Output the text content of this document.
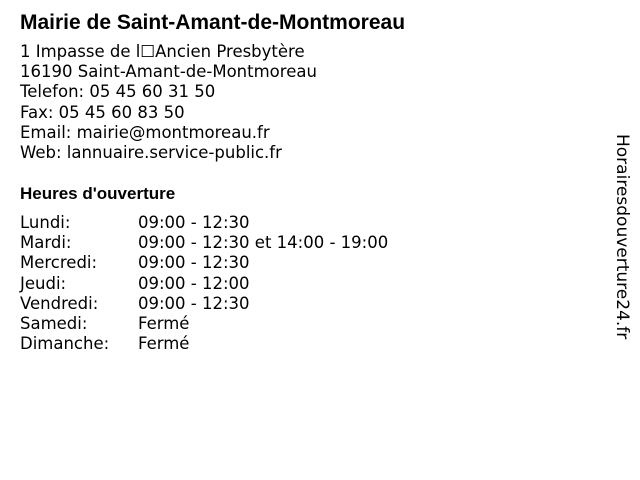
Mairie de Saint-Amant-de-Montmoreau
1 Impasse de l☐Ancien Presbytère
16190 Saint-Amant-de-Montmoreau
Telefon: 05 45 60 31 50
Fax: 05 45 60 83 50
Email: mairie@montmoreau.fr
Web: lannuaire.service-public.fr
Heures d'ouverture
Lundi:	09:00 - 12:30
Mardi:	09:00 - 12:30 et 14:00 - 19:00
Mercredi: 09:00 - 12:30
Jeudi:	09:00 - 12:00
Vendredi: 09:00 - 12:30
Samedi:	Fermé
Dimanche: Fermé
Horairesdouverture24.fr
